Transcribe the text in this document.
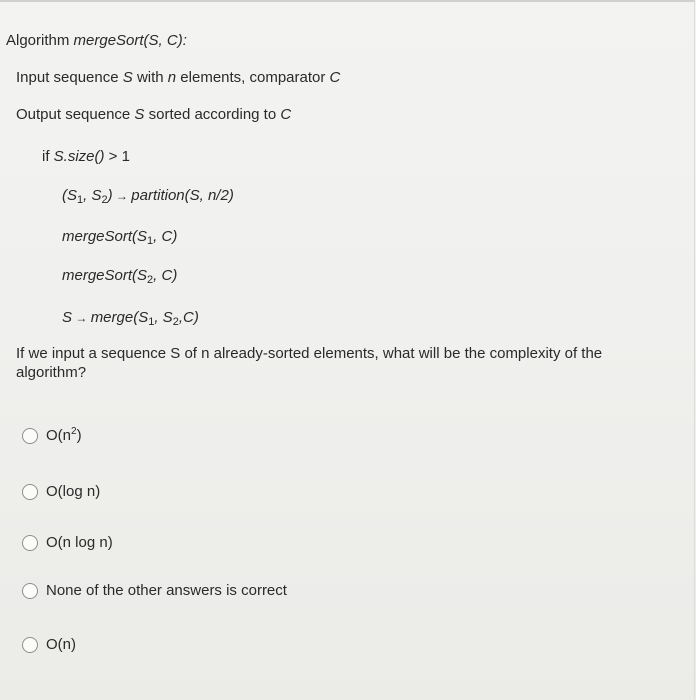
Algorithm mergeSort(S, C):
Input sequence S with n elements, comparator C
Output sequence S sorted according to C
if S.size() > 1
($S_1$, $S_2$) → partition(S, n/2)
$mergeSort(S_1$, C)
$mergeSort(S_2$, C)
$S \to merge(S_1$, $S_2,C$)
If we input a sequence S of n already-sorted elements, what will be the complexity of the algorithm?
$O(n^2)$
O(log n)
O(n log n)
None of the other answers is correct
O(n)
